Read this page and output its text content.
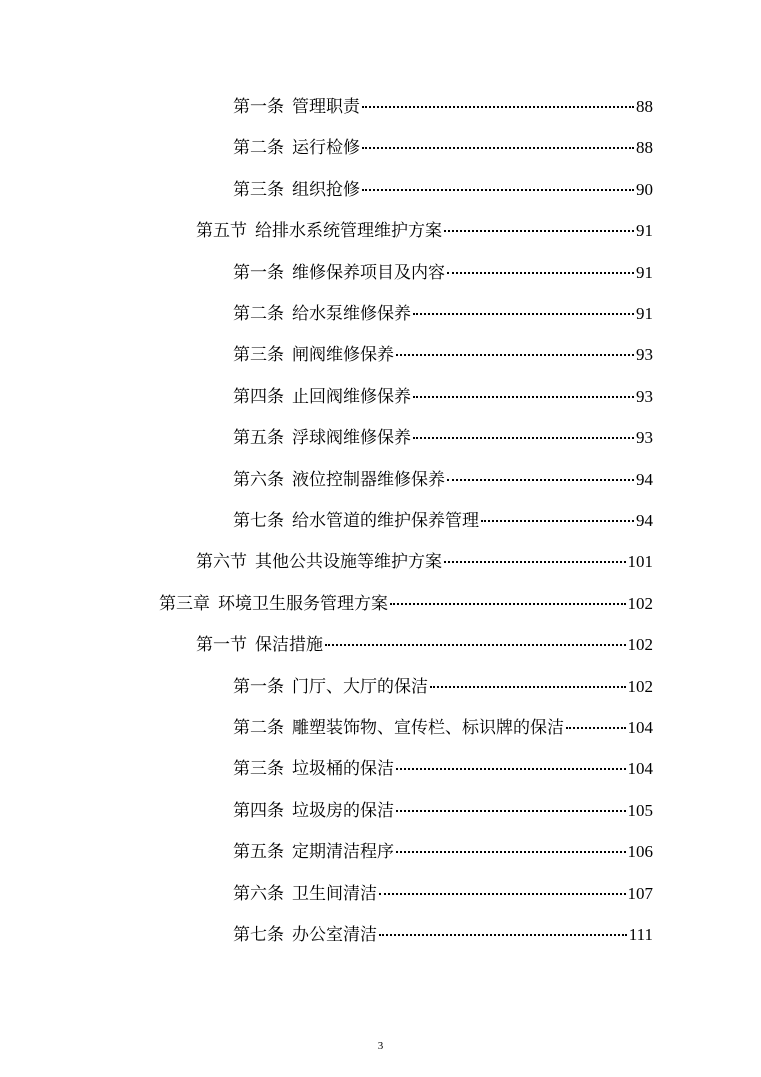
第一条 管理职责	88
第二条 运行检修	88
第三条 组织抢修	90
第五节 给排水系统管理维护方案	91
第一条 维修保养项目及内容	91
第二条 给水泵维修保养	91
第三条 闸阀维修保养	93
第四条 止回阀维修保养	93
第五条 浮球阀维修保养	93
第六条 液位控制器维修保养	94
第七条 给水管道的维护保养管理	94
第六节 其他公共设施等维护方案	101
第三章 环境卫生服务管理方案	102
第一节 保洁措施	102
第一条 门厅、大厅的保洁	102
第二条 雕塑装饰物、宣传栏、标识牌的保洁	104
第三条 垃圾桶的保洁	104
第四条 垃圾房的保洁	105
第五条 定期清洁程序	106
第六条 卫生间清洁	107
第七条 办公室清洁	111
3
